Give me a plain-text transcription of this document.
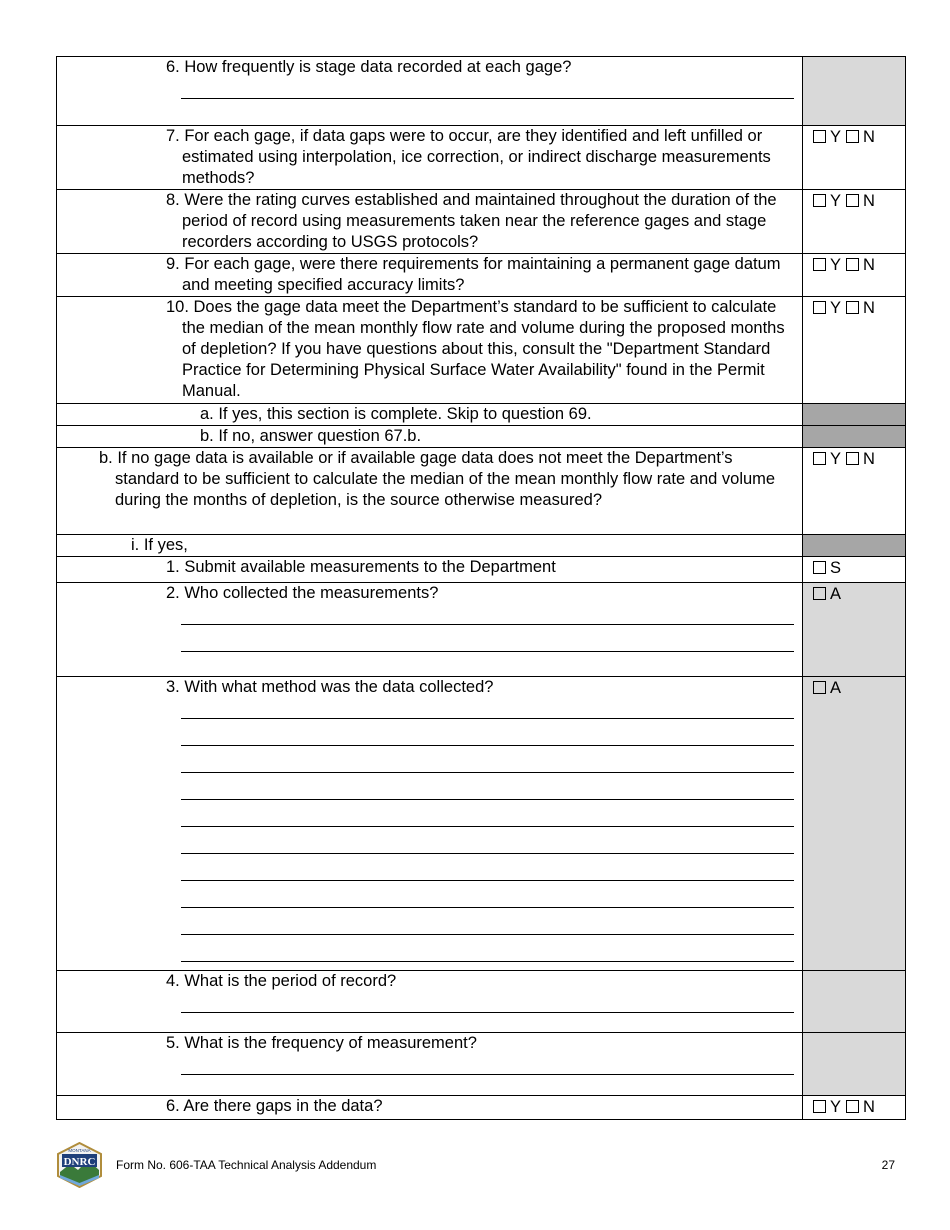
6. How frequently is stage data recorded at each gage?	

7. For each gage, if data gaps were to occur, are they identified and left unfilled or estimated using interpolation, ice correction, or indirect discharge measurements methods?	Y N

8. Were the rating curves established and maintained throughout the duration of the period of record using measurements taken near the reference gages and stage recorders according to USGS protocols?	Y N

9. For each gage, were there requirements for maintaining a permanent gage datum and meeting specified accuracy limits?	Y N

10. Does the gage data meet the Department’s standard to be sufficient to calculate the median of the mean monthly flow rate and volume during the proposed months of depletion? If you have questions about this, consult the "Department Standard Practice for Determining Physical Surface Water Availability" found in the Permit Manual.	Y N

a. If yes, this section is complete. Skip to question 69.	

b. If no, answer question 67.b.	

b. If no gage data is available or if available gage data does not meet the Department’s standard to be sufficient to calculate the median of the mean monthly flow rate and volume during the months of depletion, is the source otherwise measured?	Y N

i. If yes,	

1. Submit available measurements to the Department	S

2. Who collected the measurements?	A

3. With what method was the data collected?	A

4. What is the period of record?	

5. What is the frequency of measurement?	

6. Are there gaps in the data?	Y N
MONTANA
DNRC Form No. 606-TAA Technical Analysis Addendum	27
